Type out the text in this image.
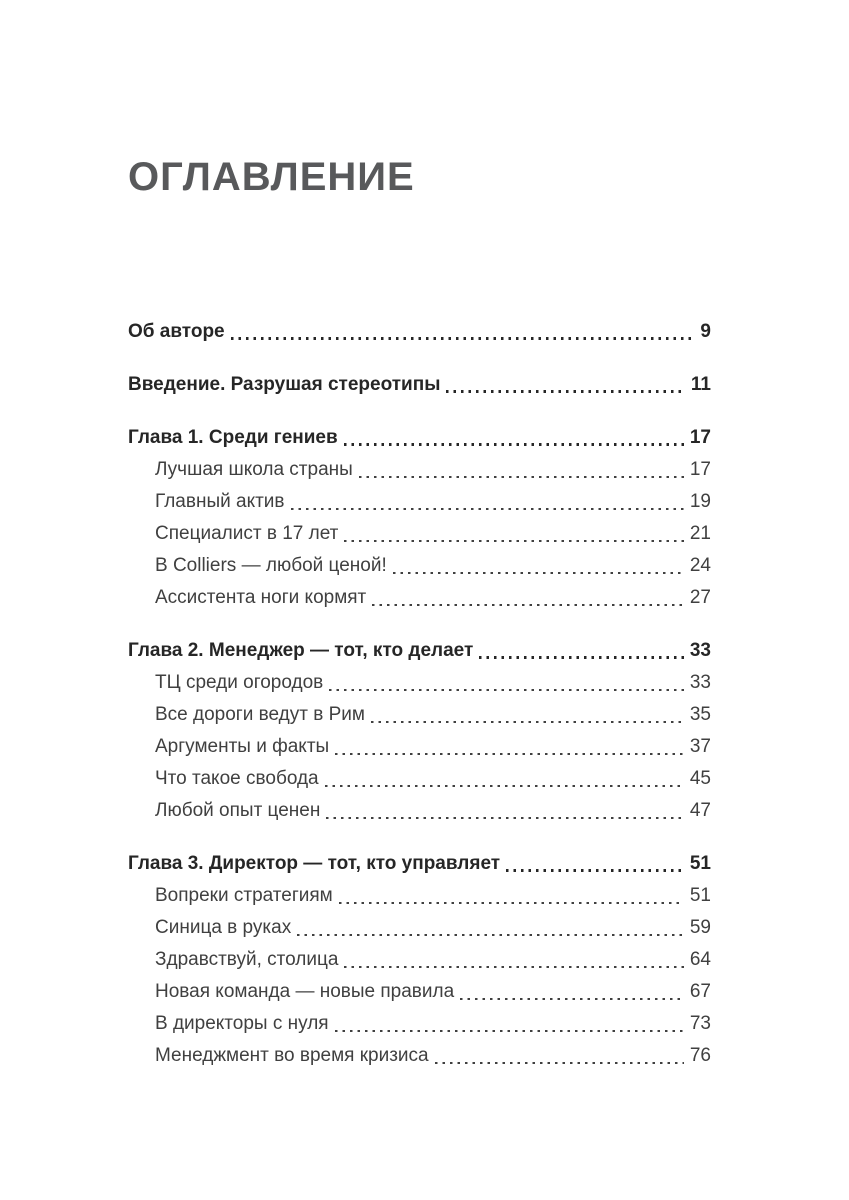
ОГЛАВЛЕНИЕ
Об авторе	9
Введение. Разрушая стереотипы	11
Глава 1. Среди гениев	17
Лучшая школа страны	17
Главный актив	19
Специалист в 17 лет	21
В Colliers — любой ценой!	24
Ассистента ноги кормят	27
Глава 2. Менеджер — тот, кто делает	33
ТЦ среди огородов	33
Все дороги ведут в Рим	35
Аргументы и факты	37
Что такое свобода	45
Любой опыт ценен	47
Глава 3. Директор — тот, кто управляет	51
Вопреки стратегиям	51
Синица в руках	59
Здравствуй, столица	64
Новая команда — новые правила	67
В директоры с нуля	73
Менеджмент во время кризиса	76
